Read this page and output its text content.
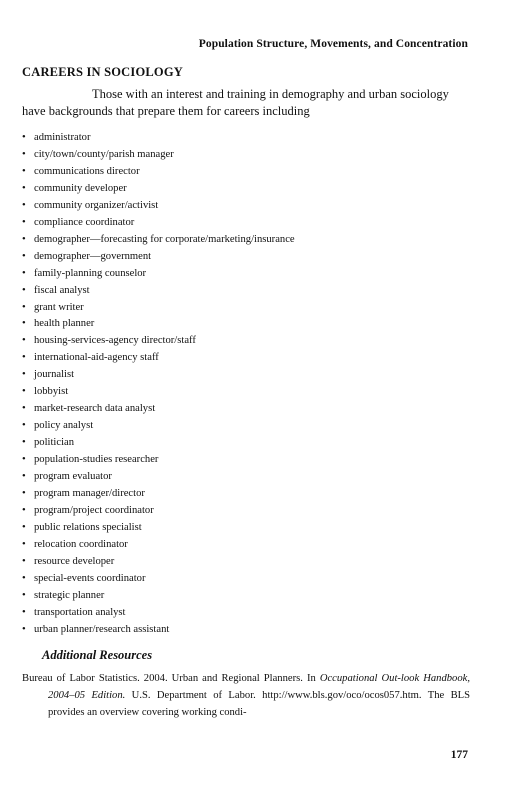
Population Structure, Movements, and Concentration
CAREERS IN SOCIOLOGY

Those with an interest and training in demography and urban sociology have backgrounds that prepare them for careers including

• administrator
• city/town/county/parish manager
• communications director
• community developer
• community organizer/activist
• compliance coordinator
• demographer—forecasting for corporate/marketing/insurance
• demographer—government
• family-planning counselor
• fiscal analyst
• grant writer
• health planner
• housing-services-agency director/staff
• international-aid-agency staff
• journalist
• lobbyist
• market-research data analyst
• policy analyst
• politician
• population-studies researcher
• program evaluator
• program manager/director
• program/project coordinator
• public relations specialist
• relocation coordinator
• resource developer
• special-events coordinator
• strategic planner
• transportation analyst
• urban planner/research assistant
Additional Resources

Bureau of Labor Statistics. 2004. Urban and Regional Planners. In Occupational Out-look Handbook, 2004–05 Edition. U.S. Department of Labor. http://www.bls.gov/oco/ocos057.htm. The BLS provides an overview covering working condi-

177
